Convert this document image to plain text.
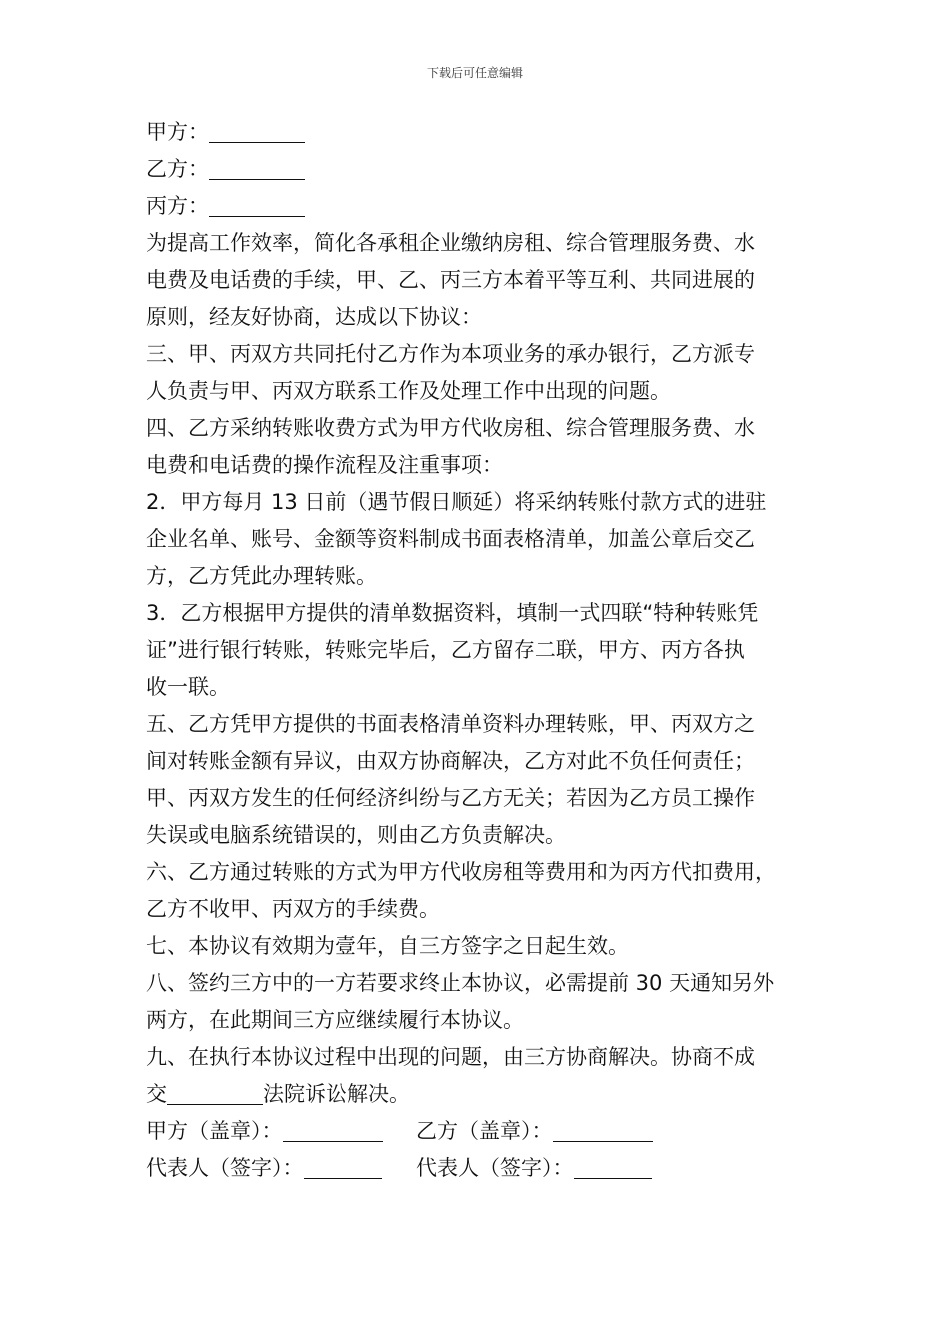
下载后可任意编辑
甲方：
乙方：
丙方：
为提高工作效率，简化各承租企业缴纳房租、综合管理服务费、水
电费及电话费的手续，甲、乙、丙三方本着平等互利、共同进展的
原则，经友好协商，达成以下协议：
三、甲、丙双方共同托付乙方作为本项业务的承办银行，乙方派专
人负责与甲、丙双方联系工作及处理工作中出现的问题。
四、乙方采纳转账收费方式为甲方代收房租、综合管理服务费、水
电费和电话费的操作流程及注重事项：
2．甲方每月 13 日前（遇节假日顺延）将采纳转账付款方式的进驻
企业名单、账号、金额等资料制成书面表格清单，加盖公章后交乙
方，乙方凭此办理转账。
3．乙方根据甲方提供的清单数据资料，填制一式四联“特种转账凭
证”进行银行转账，转账完毕后，乙方留存二联，甲方、丙方各执
收一联。
五、乙方凭甲方提供的书面表格清单资料办理转账，甲、丙双方之
间对转账金额有异议，由双方协商解决，乙方对此不负任何责任；
甲、丙双方发生的任何经济纠纷与乙方无关；若因为乙方员工操作
失误或电脑系统错误的，则由乙方负责解决。
六、乙方通过转账的方式为甲方代收房租等费用和为丙方代扣费用，
乙方不收甲、丙双方的手续费。
七、本协议有效期为壹年，自三方签字之日起生效。
八、签约三方中的一方若要求终止本协议，必需提前 30 天通知另外
两方，在此期间三方应继续履行本协议。
九、在执行本协议过程中出现的问题，由三方协商解决。协商不成
交	法院诉讼解决。
甲方（盖章）：	乙方（盖章）：
代表人（签字）：	代表人（签字）：
